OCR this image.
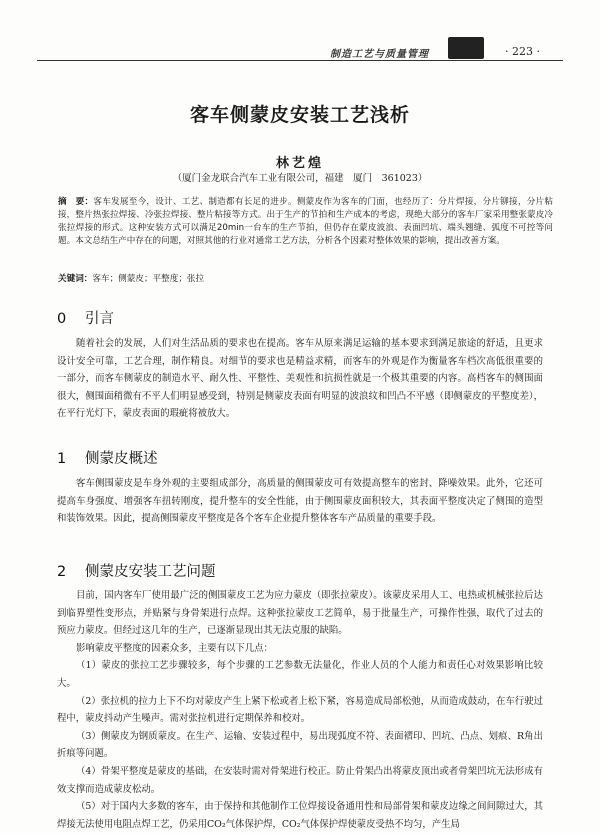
制造工艺与质量管理	· 223 ·
客车侧蒙皮安装工艺浅析
林艺煌
（厦门金龙联合汽车工业有限公司，福建　厦门　361023）
摘　要：客车发展至今，设计、工艺、制造都有长足的进步。侧蒙皮作为客车的门面，也经历了：分片焊接，分片铆接，分片粘接，整片热张拉焊接、冷张拉焊接、整片粘接等方式。出于生产的节拍和生产成本的考虑，现绝大部分的客车厂家采用整张蒙皮冷张拉焊接的形式。这种安装方式可以满足20min一台车的生产节拍，但仍存在蒙皮波浪、表面凹坑、端头翘缝、弧度不可控等问题。本文总结生产中存在的问题，对照其他的行业对通常工艺方法，分析各个因素对整体效果的影响，提出改善方案。
关键词：客车；侧蒙皮；平整度；张拉
0 引言
随着社会的发展，人们对生活品质的要求也在提高。客车从原来满足运输的基本要求到满足旅途的舒适，且更求设计安全可靠，工艺合理，制作精良。对细节的要求也是精益求精，而客车的外观是作为衡量客车档次高低很重要的一部分，而客车侧蒙皮的制造水平、耐久性、平整性、美观性和抗损性就是一个极其重要的内容。高档客车的侧围面很大，侧围面稍微有不平人们明显感受到，特别是侧蒙皮表面有明显的波浪纹和凹凸不平感（即侧蒙皮的平整度差），在平行光灯下，蒙皮表面的瑕疵将被放大。
1 侧蒙皮概述
客车侧围蒙皮是车身外观的主要组成部分，高质量的侧围蒙皮可有效提高整车的密封、降噪效果。此外，它还可提高车身强度、增强客车扭转刚度，提升整车的安全性能，由于侧围蒙皮面积较大，其表面平整度决定了侧围的造型和装饰效果。因此，提高侧围蒙皮平整度是各个客车企业提升整体客车产品质量的重要手段。
2 侧蒙皮安装工艺问题
目前，国内客车厂使用最广泛的侧围蒙皮工艺为应力蒙皮（即张拉蒙皮）。该蒙皮采用人工、电热或机械张拉后达到临界塑性变形点，并贴紧与身骨架进行点焊。这种张拉蒙皮工艺简单，易于批量生产，可操作性强，取代了过去的预应力蒙皮。但经过这几年的生产，已逐渐显现出其无法克服的缺陷。
影响蒙皮平整度的因素众多，主要有以下几点：
（1）蒙皮的张拉工艺步骤较多，每个步骤的工艺参数无法量化，作业人员的个人能力和责任心对效果影响比较大。
（2）张拉机的拉力上下不均对蒙皮产生上紧下松或者上松下紧，容易造成局部松弛，从而造成鼓动，在车行驶过程中，蒙皮抖动产生噪声。需对张拉机进行定期保养和校对。
（3）侧蒙皮为钢质蒙皮。在生产、运输、安装过程中，易出现弧度不符、表面褶印、凹坑、凸点、划痕、R角出折痕等问题。
（4）骨架平整度是蒙皮的基础，在安装时需对骨架进行校正。防止骨架凸出将蒙皮顶出或者骨架凹坑无法形成有效支撑而造成蒙皮松动。
（5）对于国内大多数的客车，由于保持和其他制作工位焊接设备通用性和局部骨架和蒙皮边缘之间间隙过大，其焊接无法使用电阻点焊工艺，仍采用CO₂气体保护焊，CO₂气体保护焊使蒙皮受热不均匀，产生局
